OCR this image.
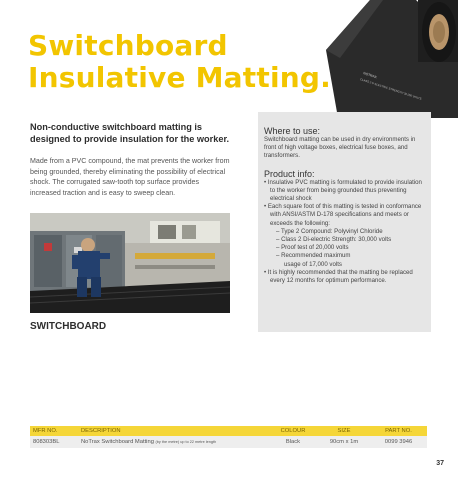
Switchboard
Insulative Matting.	NOTRAX
CLASS 2 D-ELECTRIC STRENGTH 30,000 VOLTS
Non-conductive switchboard matting is designed to provide insulation for the worker.
Made from a PVC compound, the mat prevents the worker from being grounded, thereby eliminating the possibility of electrical shock. The corrugated saw-tooth top surface provides increased traction and is easy to sweep clean.
SWITCHBOARD
Where to use:

Switchboard matting can be used in dry environments in front of high voltage boxes, electrical fuse boxes, and transformers.

Product info:
• Insulative PVC matting is formulated to provide insulation to the worker from being grounded thus preventing electrical shock
• Each square foot of this matting is tested in conformance with ANSI/ASTM D-178 specifications and meets or exceeds the following:
– Type 2 Compound: Polyvinyl Chloride
– Class 2 Di-electric Strength: 30,000 volts
– Proof test of 20,000 volts
– Recommended maximum
usage of 17,000 volts
• It is highly recommended that the matting be replaced every 12 months for optimum performance.
MFR NO.	DESCRIPTION	COLOUR	SIZE	PART NO.
808303BL	NoTrax Switchboard Matting (by the metre) up to 22 metre length	Black	90cm x 1m	0099 3946
37
